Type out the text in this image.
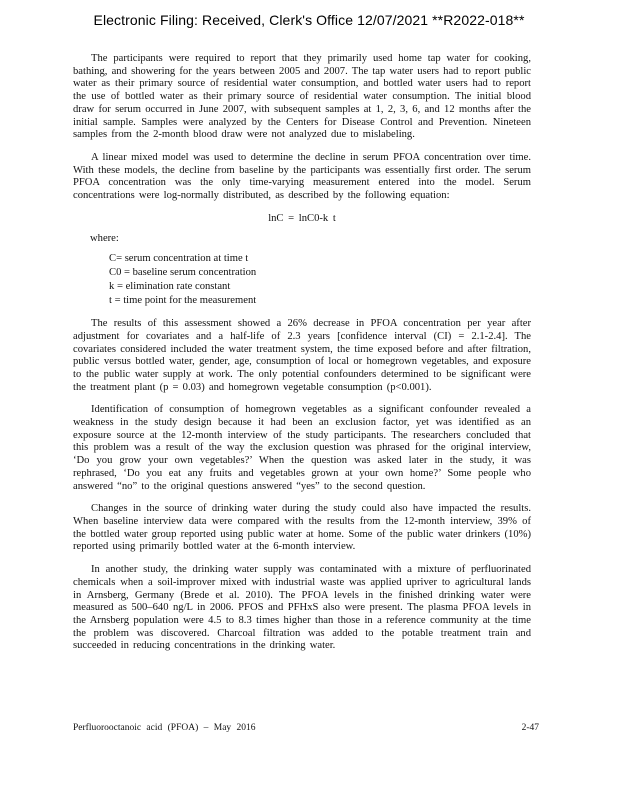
Electronic Filing: Received, Clerk's Office 12/07/2021 **R2022-018**

The participants were required to report that they primarily used home tap water for cooking, bathing, and showering for the years between 2005 and 2007. The tap water users had to report public water as their primary source of residential water consumption, and bottled water users had to report the use of bottled water as their primary source of residential water consumption. The initial blood draw for serum occurred in June 2007, with subsequent samples at 1, 2, 3, 6, and 12 months after the initial sample. Samples were analyzed by the Centers for Disease Control and Prevention. Nineteen samples from the 2-month blood draw were not analyzed due to mislabeling.

A linear mixed model was used to determine the decline in serum PFOA concentration over time. With these models, the decline from baseline by the participants was essentially first order. The serum PFOA concentration was the only time-varying measurement entered into the model. Serum concentrations were log-normally distributed, as described by the following equation:

lnC = lnC0-k t
where:
C= serum concentration at time t
C0 = baseline serum concentration
k = elimination rate constant
t = time point for the measurement

The results of this assessment showed a 26% decrease in PFOA concentration per year after adjustment for covariates and a half-life of 2.3 years [confidence interval (CI) = 2.1-2.4]. The covariates considered included the water treatment system, the time exposed before and after filtration, public versus bottled water, gender, age, consumption of local or homegrown vegetables, and exposure to the public water supply at work. The only potential confounders determined to be significant were the treatment plant (p = 0.03) and homegrown vegetable consumption (p<0.001).

Identification of consumption of homegrown vegetables as a significant confounder revealed a weakness in the study design because it had been an exclusion factor, yet was identified as an exposure source at the 12-month interview of the study participants. The researchers concluded that this problem was a result of the way the exclusion question was phrased for the original interview, ‘Do you grow your own vegetables?’ When the question was asked later in the study, it was rephrased, ‘Do you eat any fruits and vegetables grown at your own home?’ Some people who answered “no” to the original questions answered “yes” to the second question.

Changes in the source of drinking water during the study could also have impacted the results. When baseline interview data were compared with the results from the 12-month interview, 39% of the bottled water group reported using public water at home. Some of the public water drinkers (10%) reported using primarily bottled water at the 6-month interview.

In another study, the drinking water supply was contaminated with a mixture of perfluorinated chemicals when a soil-improver mixed with industrial waste was applied upriver to agricultural lands in Arnsberg, Germany (Brede et al. 2010). The PFOA levels in the finished drinking water were measured as 500–640 ng/L in 2006. PFOS and PFHxS also were present. The plasma PFOA levels in the Arnsberg population were 4.5 to 8.3 times higher than those in a reference community at the time the problem was discovered. Charcoal filtration was added to the potable treatment train and succeeded in reducing concentrations in the drinking water.

Perfluorooctanoic acid (PFOA) – May 2016	2-47
